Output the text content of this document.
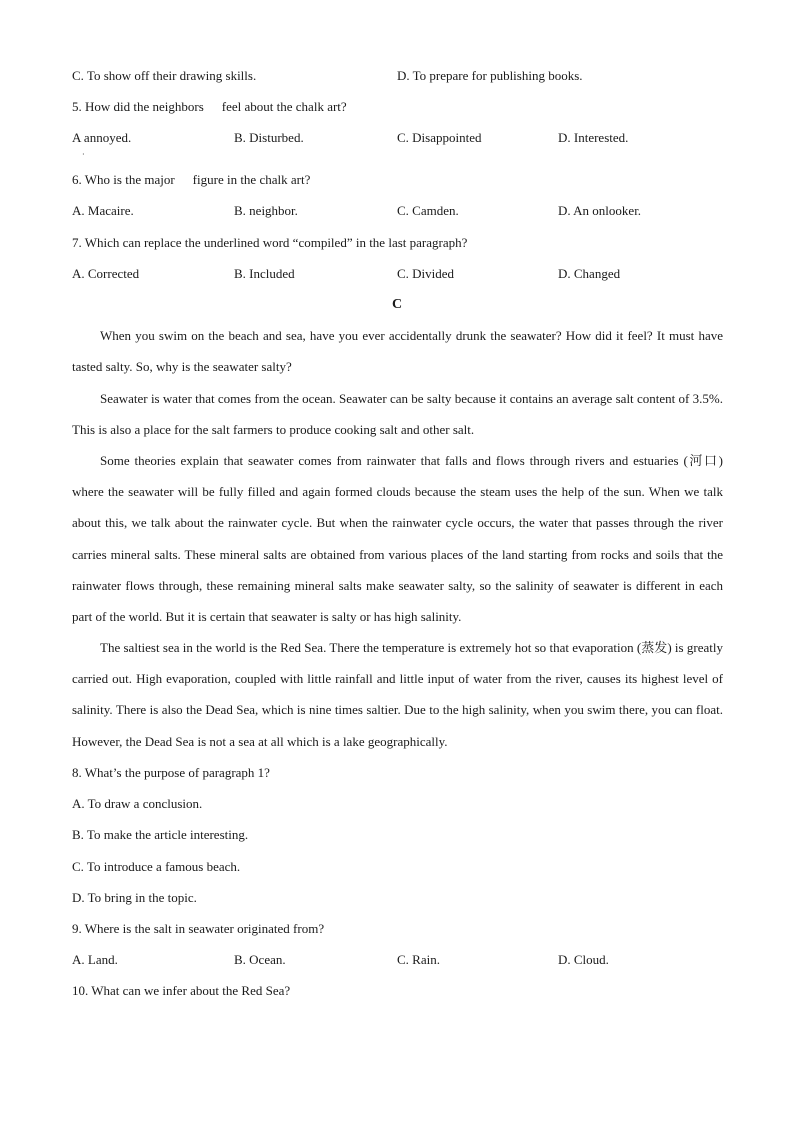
C. To show off their drawing skills.	D. To prepare for publishing books.
5. How did the neighbors feel about the chalk art?
A annoyed.
·
B. Disturbed.	C. Disappointed	D. Interested.
6. Who is the major figure in the chalk art?
A. Macaire.	B. neighbor.	C. Camden.	D. An onlooker.
7. Which can replace the underlined word “compiled” in the last paragraph?
A. Corrected	B. Included	C. Divided	D. Changed
C
When you swim on the beach and sea, have you ever accidentally drunk the seawater? How did it feel? It must have tasted salty. So, why is the seawater salty?
Seawater is water that comes from the ocean. Seawater can be salty because it contains an average salt content of 3.5%. This is also a place for the salt farmers to produce cooking salt and other salt.
Some theories explain that seawater comes from rainwater that falls and flows through rivers and estuaries (河口) where the seawater will be fully filled and again formed clouds because the steam uses the help of the sun. When we talk about this, we talk about the rainwater cycle. But when the rainwater cycle occurs, the water that passes through the river carries mineral salts. These mineral salts are obtained from various places of the land starting from rocks and soils that the rainwater flows through, these remaining mineral salts make seawater salty, so the salinity of seawater is different in each part of the world. But it is certain that seawater is salty or has high salinity.
The saltiest sea in the world is the Red Sea. There the temperature is extremely hot so that evaporation (蒸发) is greatly carried out. High evaporation, coupled with little rainfall and little input of water from the river, causes its highest level of salinity. There is also the Dead Sea, which is nine times saltier. Due to the high salinity, when you swim there, you can float. However, the Dead Sea is not a sea at all which is a lake geographically.
8. What’s the purpose of paragraph 1?
A. To draw a conclusion.
B. To make the article interesting.
C. To introduce a famous beach.
D. To bring in the topic.
9. Where is the salt in seawater originated from?
A. Land.	B. Ocean.	C. Rain.	D. Cloud.
10. What can we infer about the Red Sea?
